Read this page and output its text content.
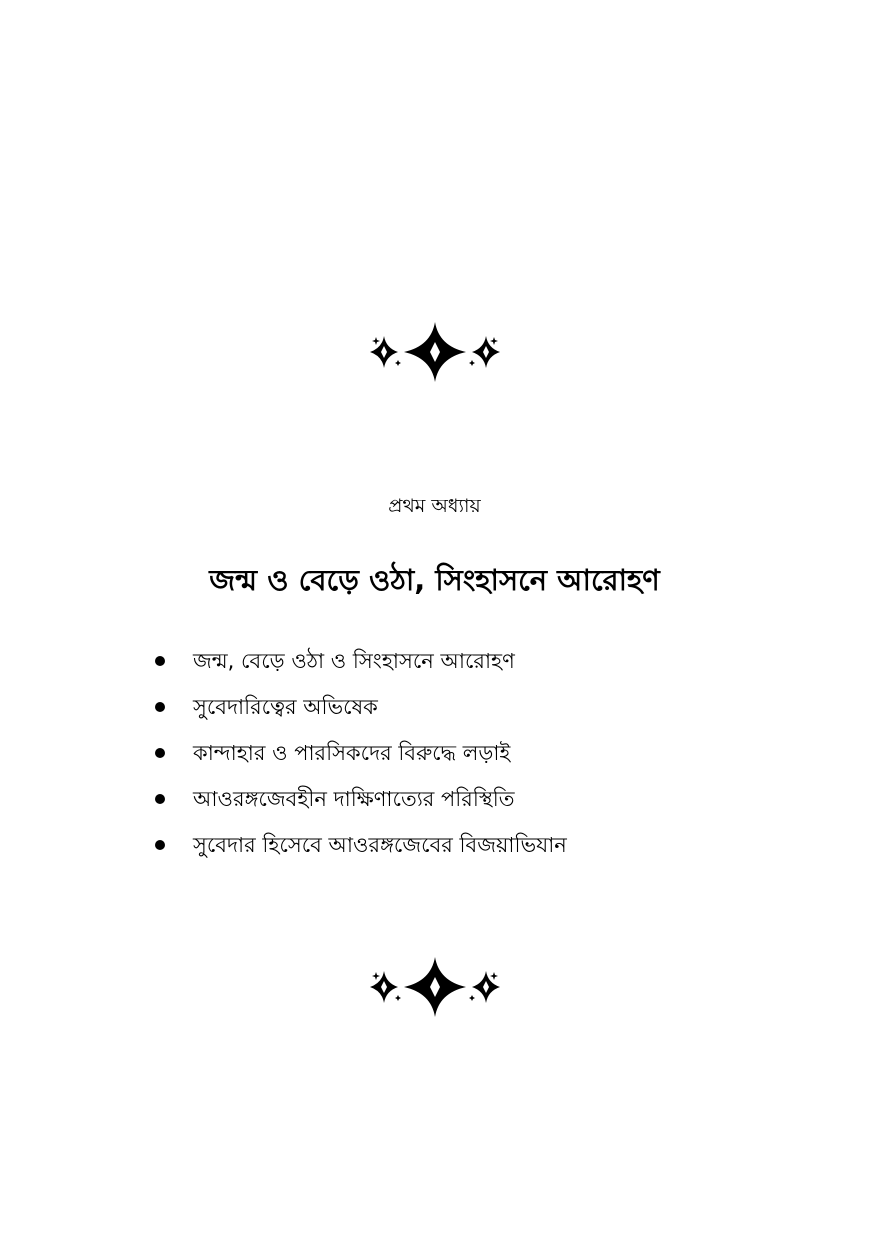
প্রথম অধ্যায়
জন্ম ও বেড়ে ওঠা, সিংহাসনে আরোহণ
জন্ম, বেড়ে ওঠা ও সিংহাসনে আরোহণ
সুবেদারিত্বের অভিষেক
কান্দাহার ও পারসিকদের বিরুদ্ধে লড়াই
আওরঙ্গজেবহীন দাক্ষিণাত্যের পরিস্থিতি
সুবেদার হিসেবে আওরঙ্গজেবের বিজয়াভিযান
